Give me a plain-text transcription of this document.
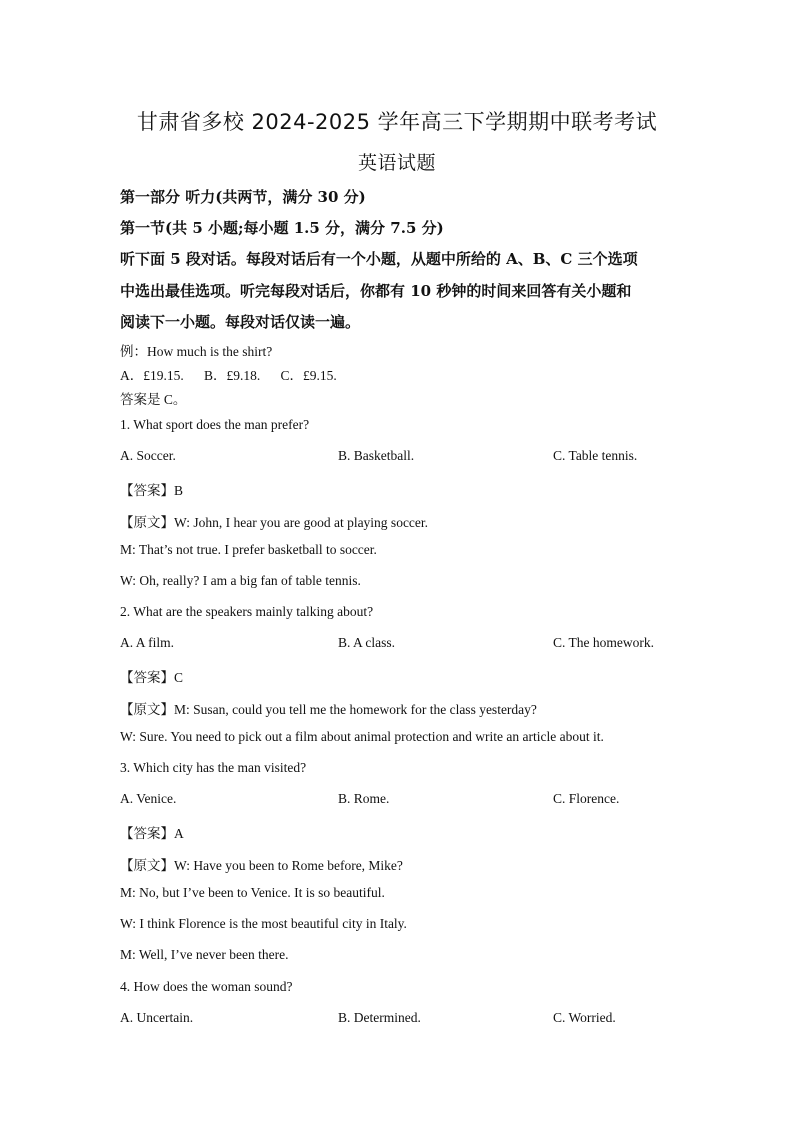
甘肃省多校 2024-2025 学年高三下学期期中联考考试
英语试题
第一部分 听力(共两节，满分 30 分)
第一节(共 5 小题;每小题 1.5 分，满分 7.5 分)
听下面 5 段对话。每段对话后有一个小题，从题中所给的 A、B、C 三个选项
中选出最佳选项。听完每段对话后，你都有 10 秒钟的时间来回答有关小题和
阅读下一小题。每段对话仅读一遍。
例：How much is the shirt?
A．£19.15.      B．£9.18.      C．£9.15.
答案是 C。
1. What sport does the man prefer?
A. Soccer.	B. Basketball.	C. Table tennis.
【答案】B
【原文】W: John, I hear you are good at playing soccer.
M: That’s not true. I prefer basketball to soccer.
W: Oh, really? I am a big fan of table tennis.
2. What are the speakers mainly talking about?
A. A film.	B. A class.	C. The homework.
【答案】C
【原文】M: Susan, could you tell me the homework for the class yesterday?
W: Sure. You need to pick out a film about animal protection and write an article about it.
3. Which city has the man visited?
A. Venice.	B. Rome.	C. Florence.
【答案】A
【原文】W: Have you been to Rome before, Mike?
M: No, but I’ve been to Venice. It is so beautiful.
W: I think Florence is the most beautiful city in Italy.
M: Well, I’ve never been there.
4. How does the woman sound?
A. Uncertain.	B. Determined.	C. Worried.
